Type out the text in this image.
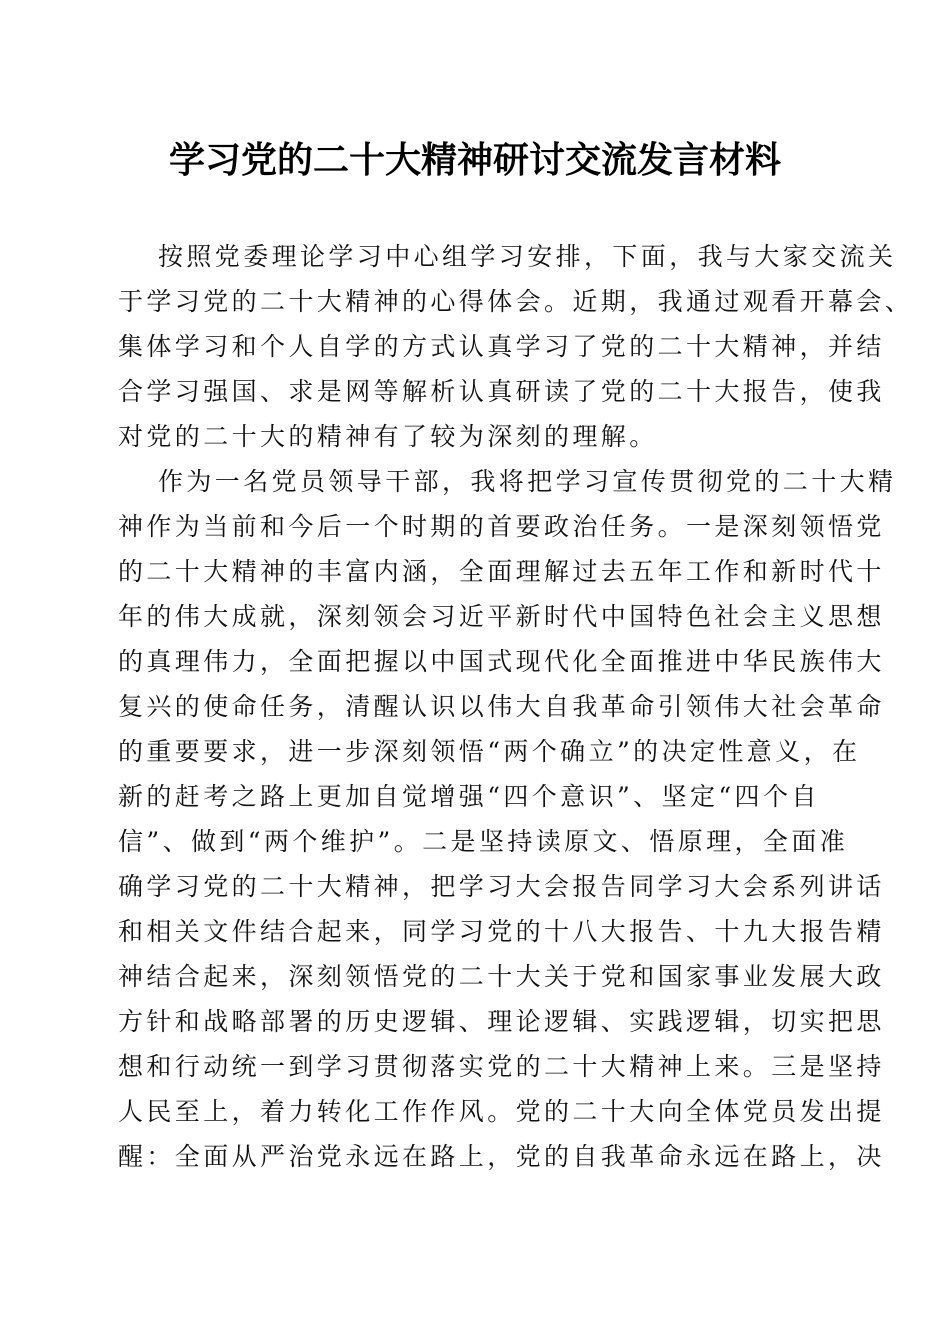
学习党的二十大精神研讨交流发言材料
按照党委理论学习中心组学习安排，下面，我与大家交流关
于学习党的二十大精神的心得体会。近期，我通过观看开幕会、
集体学习和个人自学的方式认真学习了党的二十大精神，并结
合学习强国、求是网等解析认真研读了党的二十大报告，使我
对党的二十大的精神有了较为深刻的理解。
作为一名党员领导干部，我将把学习宣传贯彻党的二十大精
神作为当前和今后一个时期的首要政治任务。一是深刻领悟党
的二十大精神的丰富内涵，全面理解过去五年工作和新时代十
年的伟大成就，深刻领会习近平新时代中国特色社会主义思想
的真理伟力，全面把握以中国式现代化全面推进中华民族伟大
复兴的使命任务，清醒认识以伟大自我革命引领伟大社会革命
的重要要求，进一步深刻领悟“两个确立”的决定性意义，在
新的赶考之路上更加自觉增强“四个意识”、坚定“四个自
信”、做到“两个维护”。二是坚持读原文、悟原理，全面准
确学习党的二十大精神，把学习大会报告同学习大会系列讲话
和相关文件结合起来，同学习党的十八大报告、十九大报告精
神结合起来，深刻领悟党的二十大关于党和国家事业发展大政
方针和战略部署的历史逻辑、理论逻辑、实践逻辑，切实把思
想和行动统一到学习贯彻落实党的二十大精神上来。三是坚持
人民至上，着力转化工作作风。党的二十大向全体党员发出提
醒：全面从严治党永远在路上，党的自我革命永远在路上，决
